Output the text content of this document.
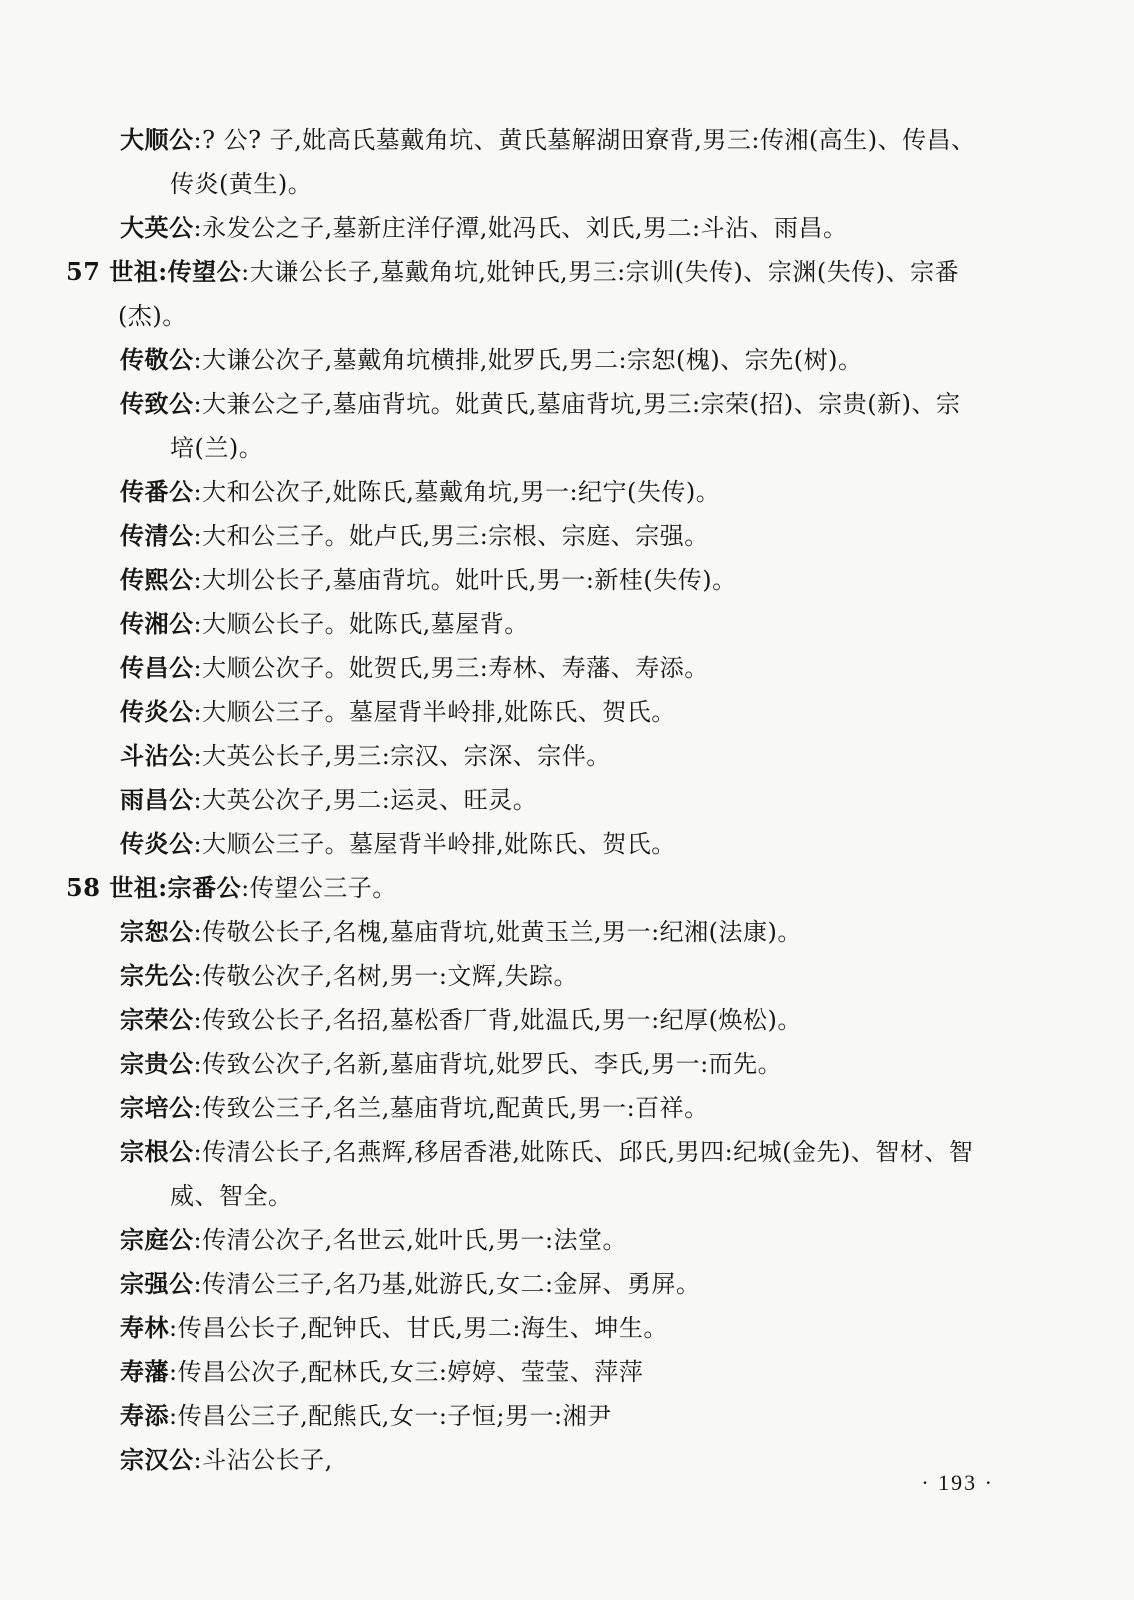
大顺公:? 公? 子,妣高氏墓戴角坑、黄氏墓解湖田寮背,男三:传湘(高生)、传昌、
传炎(黄生)。
大英公:永发公之子,墓新庄洋仔潭,妣冯氏、刘氏,男二:斗沾、雨昌。
57 世祖:传望公:大谦公长子,墓戴角坑,妣钟氏,男三:宗训(失传)、宗渊(失传)、宗番
(杰)。
传敬公:大谦公次子,墓戴角坑横排,妣罗氏,男二:宗恕(槐)、宗先(树)。
传致公:大兼公之子,墓庙背坑。妣黄氏,墓庙背坑,男三:宗荣(招)、宗贵(新)、宗
培(兰)。
传番公:大和公次子,妣陈氏,墓戴角坑,男一:纪宁(失传)。
传清公:大和公三子。妣卢氏,男三:宗根、宗庭、宗强。
传熙公:大圳公长子,墓庙背坑。妣叶氏,男一:新桂(失传)。
传湘公:大顺公长子。妣陈氏,墓屋背。
传昌公:大顺公次子。妣贺氏,男三:寿林、寿藩、寿添。
传炎公:大顺公三子。墓屋背半岭排,妣陈氏、贺氏。
斗沾公:大英公长子,男三:宗汉、宗深、宗伴。
雨昌公:大英公次子,男二:运灵、旺灵。
传炎公:大顺公三子。墓屋背半岭排,妣陈氏、贺氏。
58 世祖:宗番公:传望公三子。
宗恕公:传敬公长子,名槐,墓庙背坑,妣黄玉兰,男一:纪湘(法康)。
宗先公:传敬公次子,名树,男一:文辉,失踪。
宗荣公:传致公长子,名招,墓松香厂背,妣温氏,男一:纪厚(焕松)。
宗贵公:传致公次子,名新,墓庙背坑,妣罗氏、李氏,男一:而先。
宗培公:传致公三子,名兰,墓庙背坑,配黄氏,男一:百祥。
宗根公:传清公长子,名燕辉,移居香港,妣陈氏、邱氏,男四:纪城(金先)、智材、智
威、智全。
宗庭公:传清公次子,名世云,妣叶氏,男一:法堂。
宗强公:传清公三子,名乃基,妣游氏,女二:金屏、勇屏。
寿林:传昌公长子,配钟氏、甘氏,男二:海生、坤生。
寿藩:传昌公次子,配林氏,女三:婷婷、莹莹、萍萍
寿添:传昌公三子,配熊氏,女一:子恒;男一:湘尹
宗汉公:斗沾公长子,
· 193 ·
